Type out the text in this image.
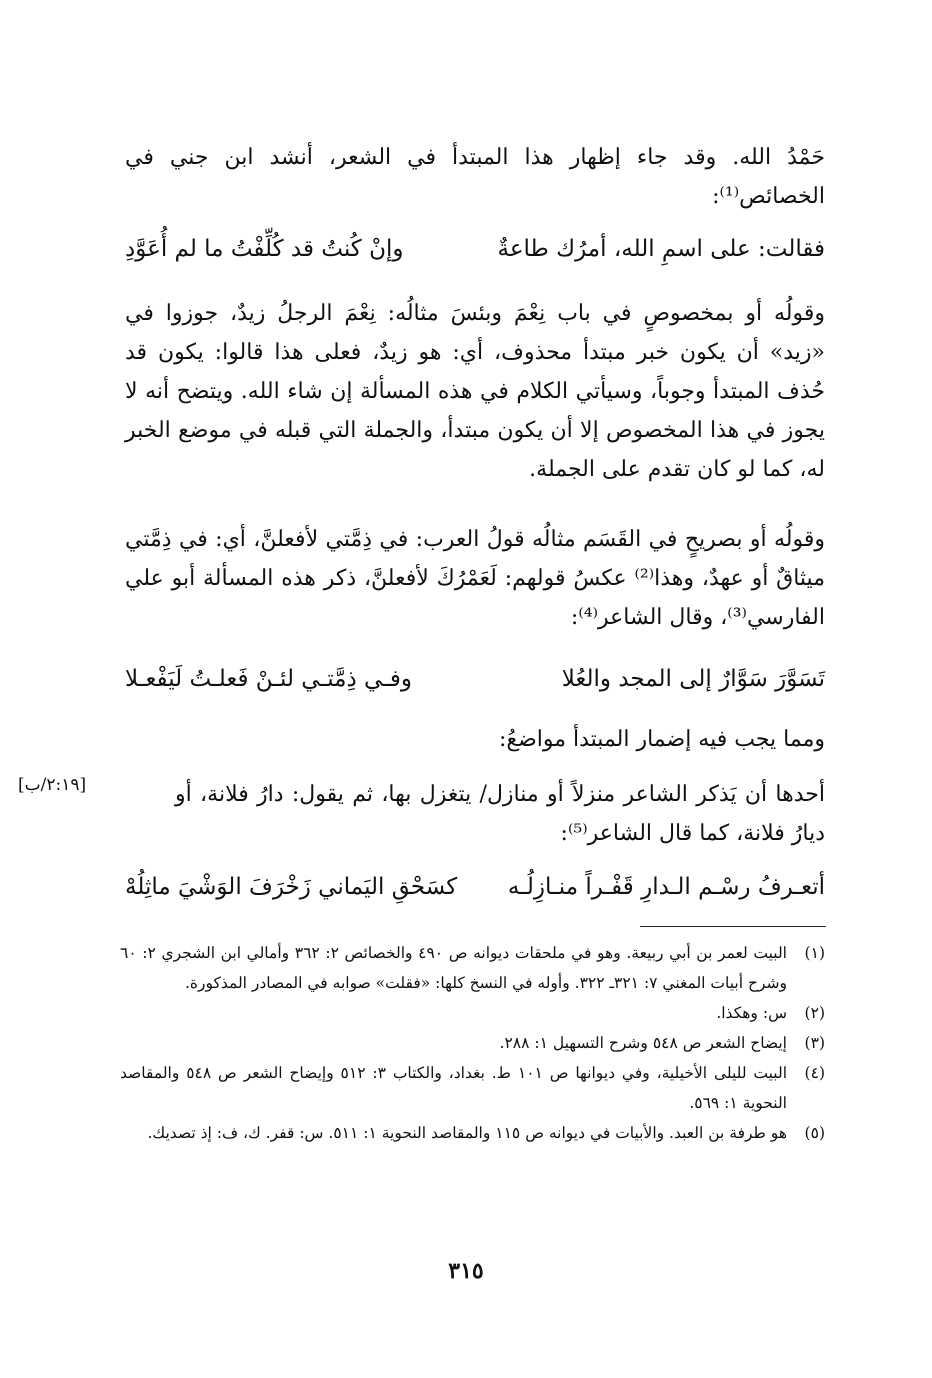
حَمْدُ الله. وقد جاء إظهار هذا المبتدأ في الشعر، أنشد ابن جني في الخصائص⁽¹⁾:

فقالت: على اسمِ الله، أمرُك طاعةٌ
وإنْ كُنتُ قد كُلِّفْتُ ما لم أُعَوَّدِ

وقولُه أو بمخصوصٍ في باب نِعْمَ وبئسَ مثالُه: نِعْمَ الرجلُ زيدٌ، جوزوا في «زيد» أن يكون خبر مبتدأ محذوف، أي: هو زيدٌ، فعلى هذا قالوا: يكون قد حُذف المبتدأ وجوباً، وسيأتي الكلام في هذه المسألة إن شاء الله. ويتضح أنه لا يجوز في هذا المخصوص إلا أن يكون مبتدأ، والجملة التي قبله في موضع الخبر له، كما لو كان تقدم على الجملة.

وقولُه أو بصريحٍ في القَسَم مثالُه قولُ العرب: في ذِمَّتي لأفعلنَّ، أي: في ذِمَّتي ميثاقٌ أو عهدٌ، وهذا⁽²⁾ عكسُ قولهم: لَعَمْرُكَ لأفعلنَّ، ذكر هذه المسألة أبو علي الفارسي⁽³⁾، وقال الشاعر⁽⁴⁾:

تَسَوَّرَ سَوَّارٌ إلى المجد والعُلا
وفـي ذِمَّتـي لئـنْ فَعلـتُ لَيَفْعـلا

ومما يجب فيه إضمار المبتدأ مواضعُ:

أحدها أن يَذكر الشاعر منزلاً أو منازل/ يتغزل بها، ثم يقول: دارُ فلانة، أو ديارُ فلانة، كما قال الشاعر⁽⁵⁾:

[٢:١٩/ب]
أتعـرفُ رسْـم الـدارِ قَفْـراً منـازِلُـه
كسَحْقِ اليَماني زَخْرَفَ الوَشْيَ ماثِلُهْ
(١)
البيت لعمر بن أبي ربيعة. وهو في ملحقات ديوانه ص ٤٩٠ والخصائص ٢: ٣٦٢ وأمالي ابن الشجري ٢: ٦٠ وشرح أبيات المغني ٧: ٣٢١ـ ٣٢٢. وأوله في النسخ كلها: «فقلت» صوابه في المصادر المذكورة.
(٢)
س: وهكذا.
(٣)
إيضاح الشعر ص ٥٤٨ وشرح التسهيل ١: ٢٨٨.
(٤)
البيت لليلى الأخيلية، وفي ديوانها ص ١٠١ ط. بغداد، والكتاب ٣: ٥١٢ وإيضاح الشعر ص ٥٤٨ والمقاصد النحوية ١: ٥٦٩.
(٥)
هو طرفة بن العبد. والأبيات في ديوانه ص ١١٥ والمقاصد النحوية ١: ٥١١. س: قفر. ك، ف: إذ تصديك.
٣١٥
